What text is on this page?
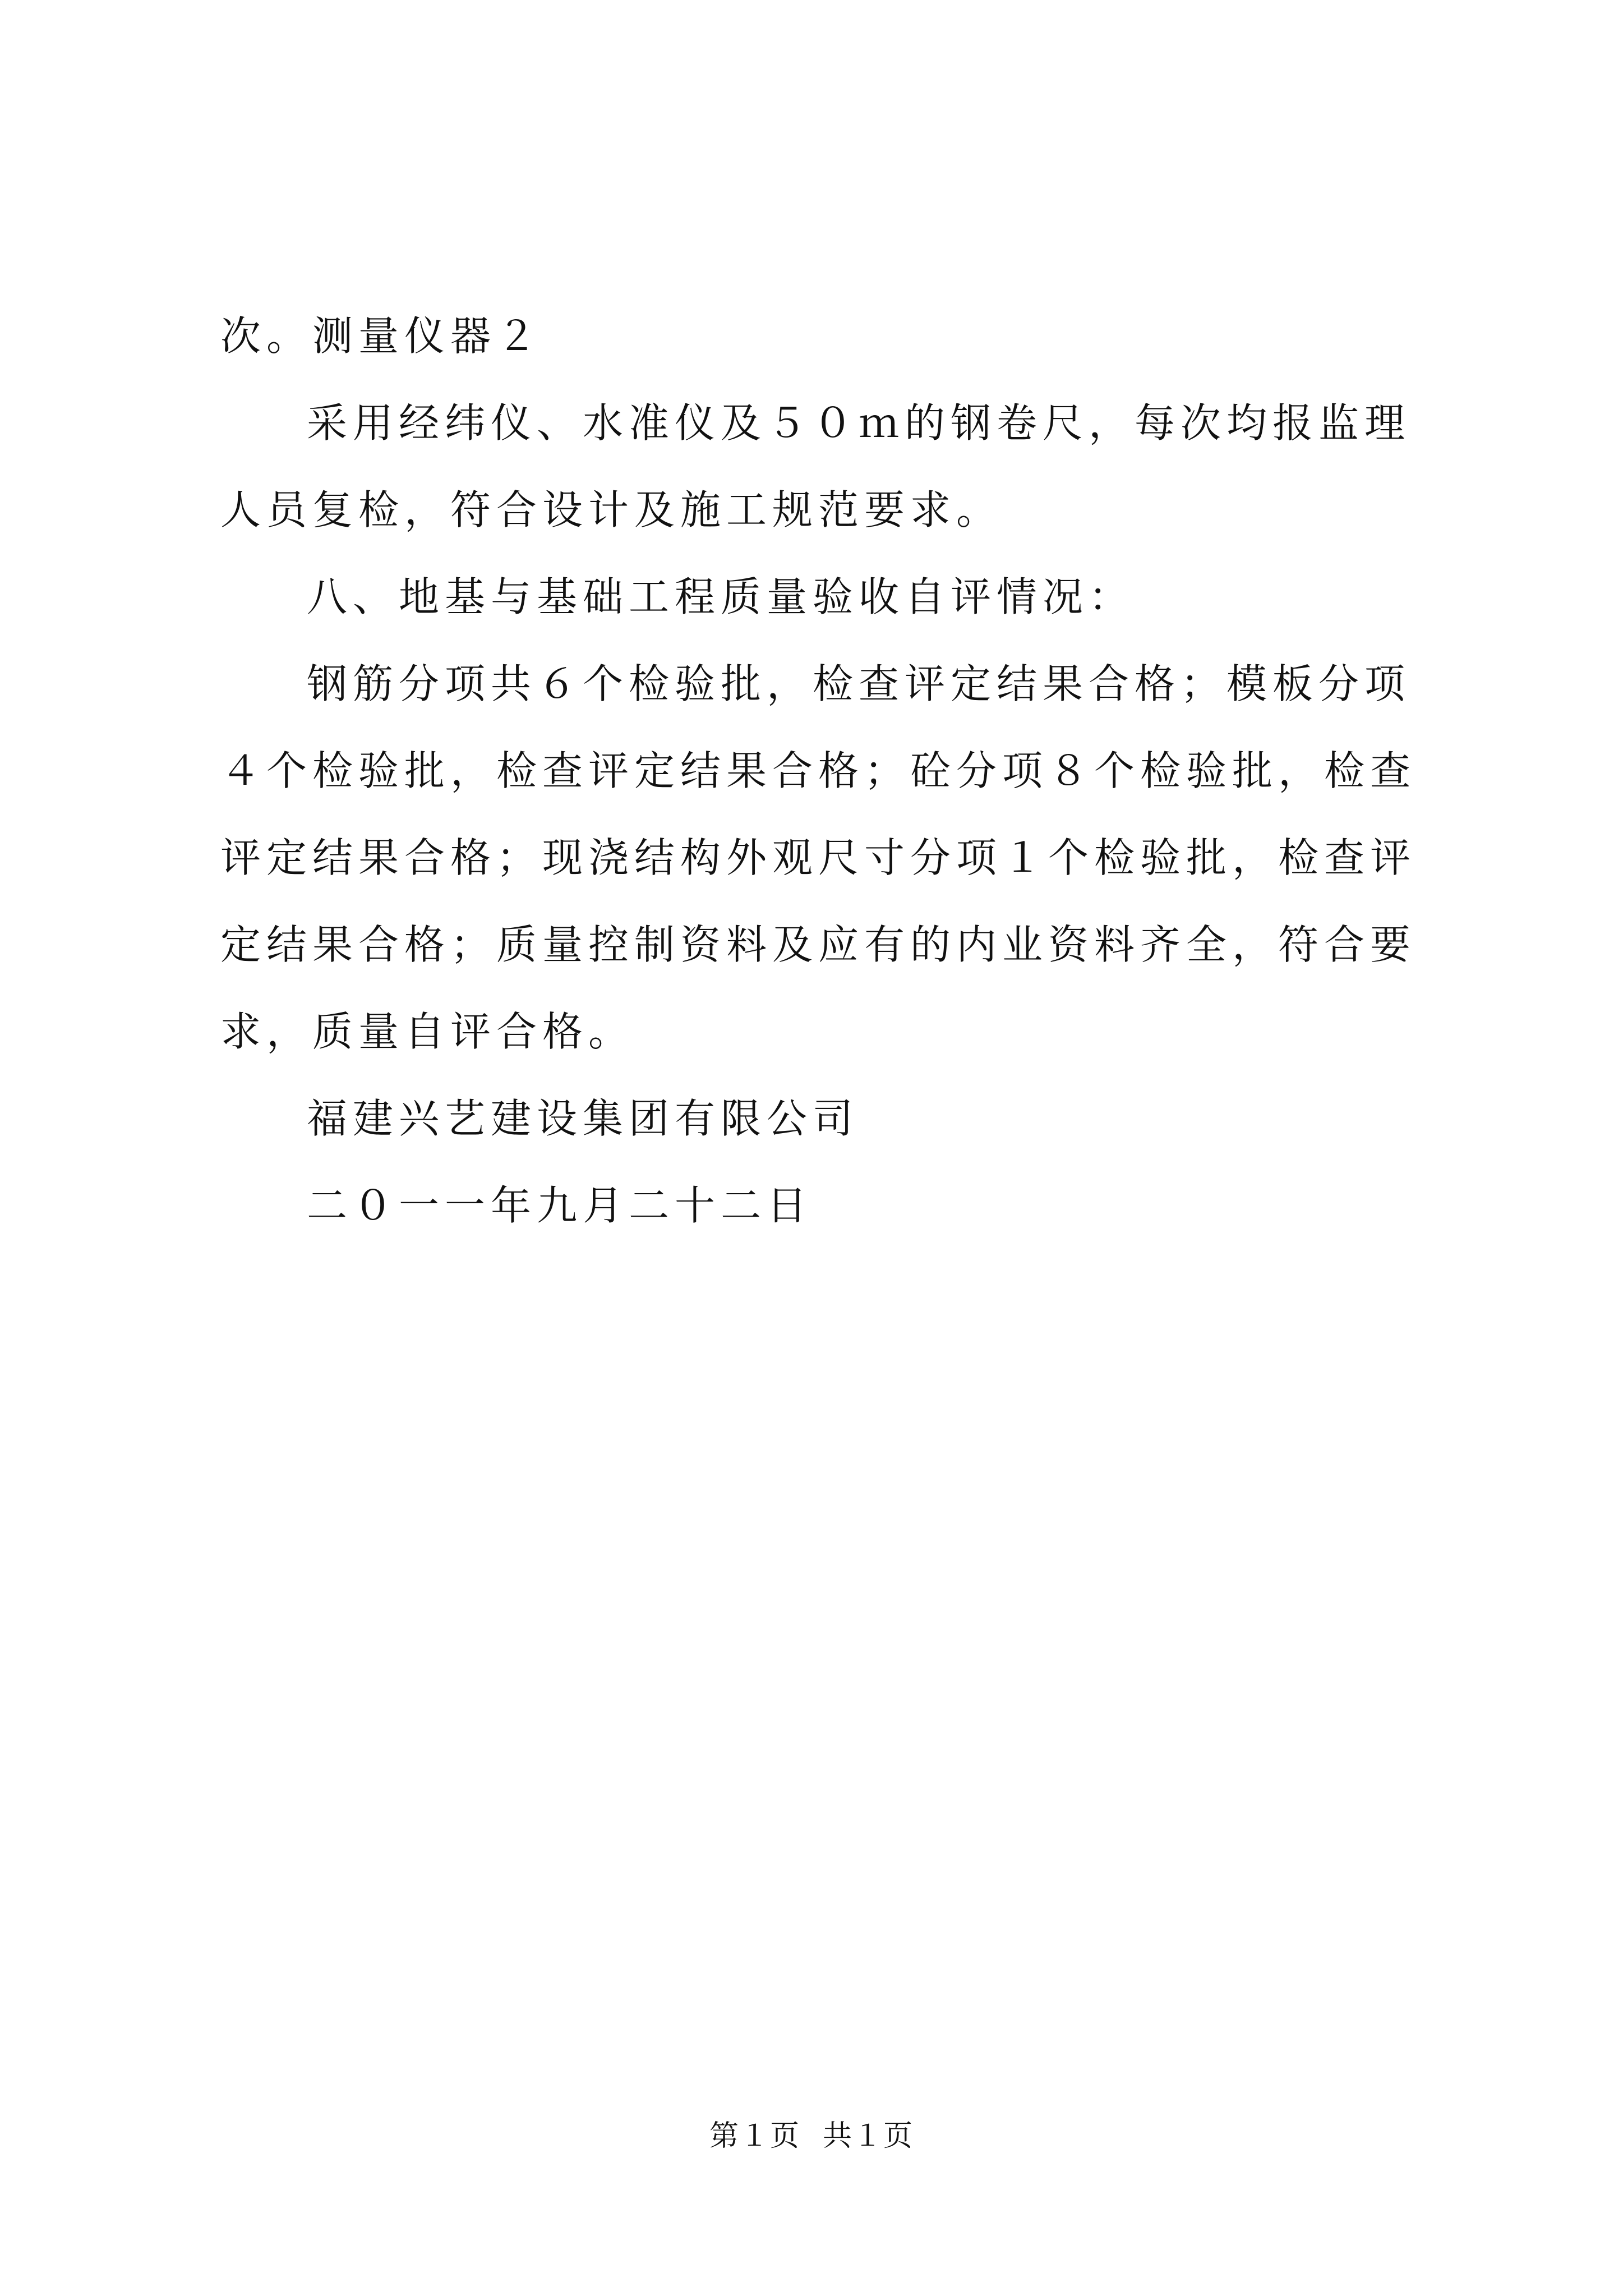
次。测量仪器２

采用经纬仪、水准仪及５０ｍ的钢卷尺，每次均报监理人员复检，符合设计及施工规范要求。

八、地基与基础工程质量验收自评情况：

钢筋分项共６个检验批，检查评定结果合格；模板分项４个检验批，检查评定结果合格；砼分项８个检验批，检查评定结果合格；现浇结构外观尺寸分项１个检验批，检查评定结果合格；质量控制资料及应有的内业资料齐全，符合要求，质量自评合格。

福建兴艺建设集团有限公司

二０一一年九月二十二日

第１页 共１页
